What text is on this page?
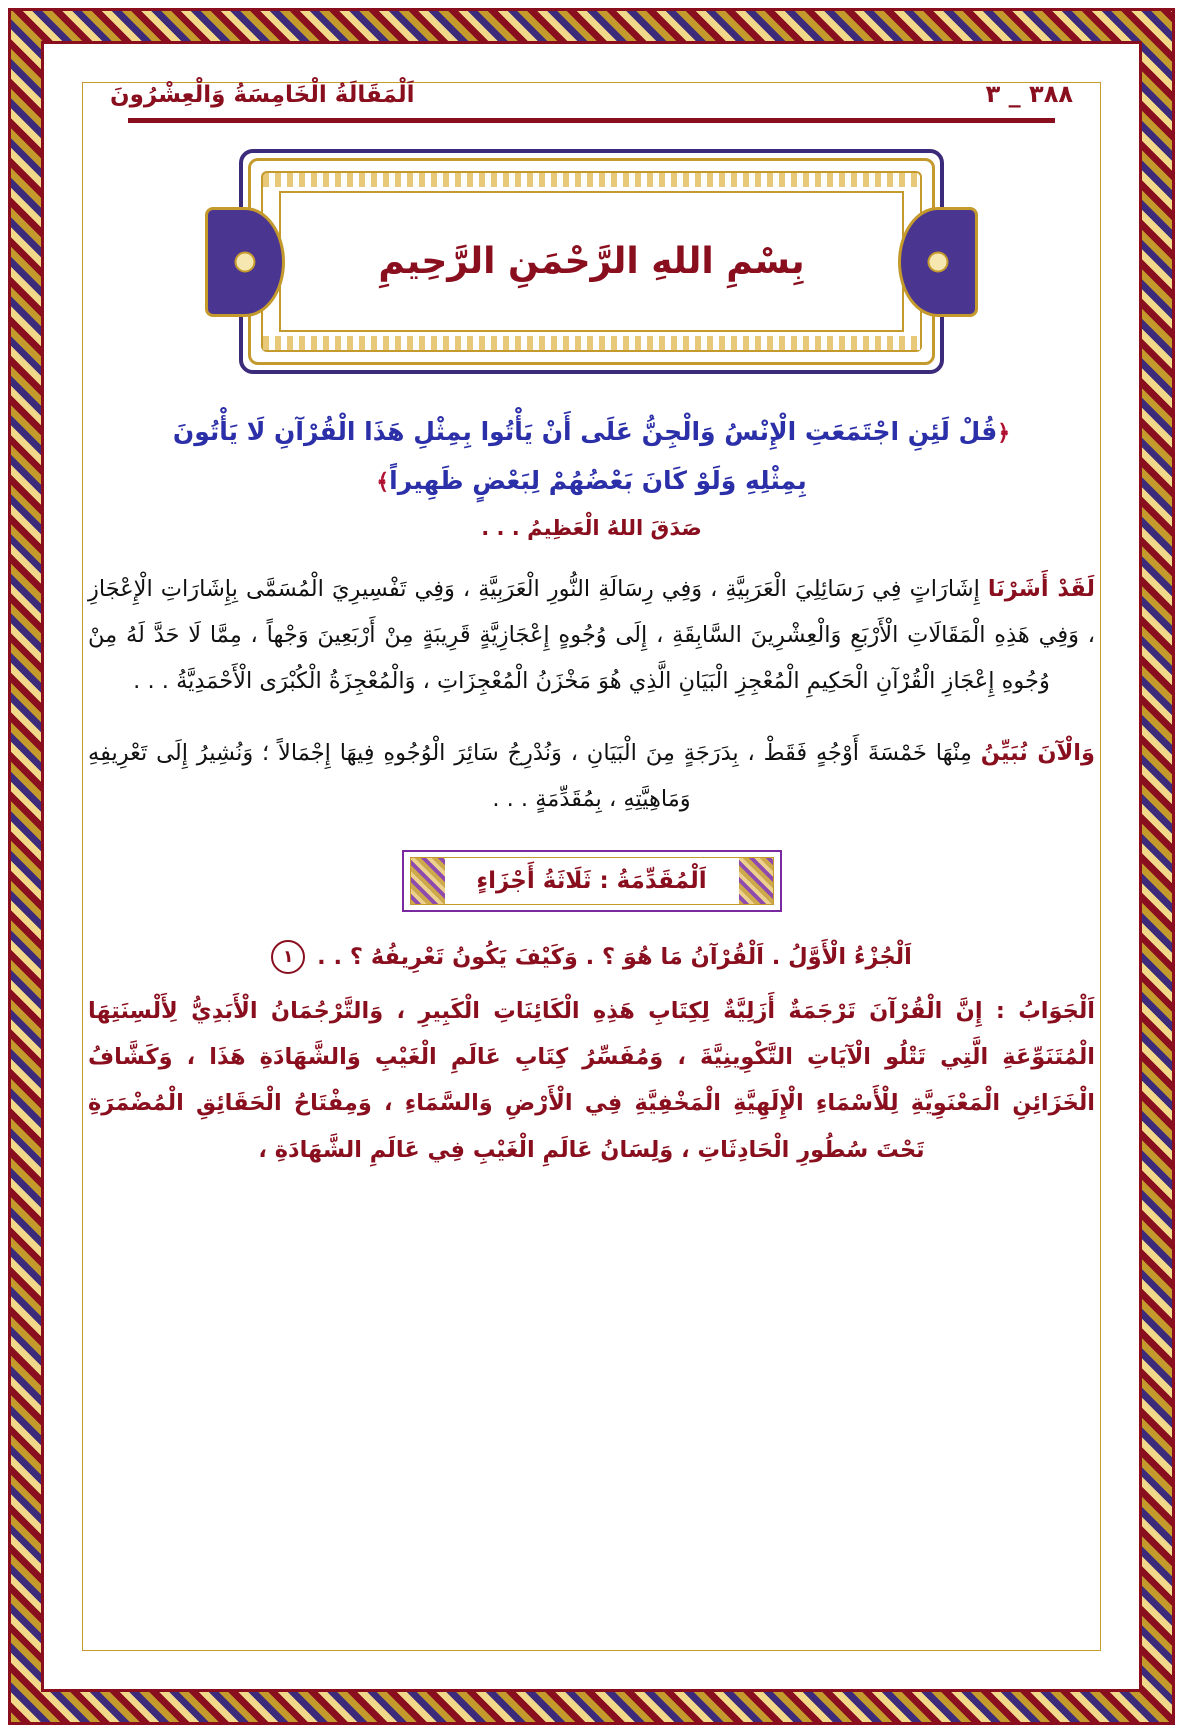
اَلْمَقَالَةُ الْخَامِسَةُ وَالْعِشْرُونَ	٣٨٨ _ ٣
بِسْمِ اللهِ الرَّحْمَنِ الرَّحِيمِ
﴿قُلْ لَئِنِ اجْتَمَعَتِ الْإِنْسُ وَالْجِنُّ عَلَى أَنْ يَأْتُوا بِمِثْلِ هَذَا الْقُرْآنِ لَا يَأْتُونَ
بِمِثْلِهِ وَلَوْ كَانَ بَعْضُهُمْ لِبَعْضٍ ظَهِيراً﴾
صَدَقَ اللهُ الْعَظِيمُ . . .

لَقَدْ أَشَرْنَا إِشَارَاتٍ فِي رَسَائِلِيَ الْعَرَبِيَّةِ ، وَفِي رِسَالَةِ النُّورِ الْعَرَبِيَّةِ ، وَفِي تَفْسِيرِيَ الْمُسَمَّى بِإِشَارَاتِ الْإِعْجَازِ ، وَفِي هَذِهِ الْمَقَالَاتِ الْأَرْبَعِ وَالْعِشْرِينَ السَّابِقَةِ ، إِلَى وُجُوهٍ إِعْجَازِيَّةٍ قَرِيبَةٍ مِنْ أَرْبَعِينَ وَجْهاً ، مِمَّا لَا حَدَّ لَهُ مِنْ وُجُوهِ إِعْجَازِ الْقُرْآنِ الْحَكِيمِ الْمُعْجِزِ الْبَيَانِ الَّذِي هُوَ مَخْزَنُ الْمُعْجِزَاتِ ، وَالْمُعْجِزَةُ الْكُبْرَى الْأَحْمَدِيَّةُ . . .

وَالْآنَ نُبَيِّنُ مِنْهَا خَمْسَةَ أَوْجُهٍ فَقَطْ ، بِدَرَجَةٍ مِنَ الْبَيَانِ ، وَنُدْرِجُ سَائِرَ الْوُجُوهِ فِيهَا إِجْمَالاً ؛ وَنُشِيرُ إِلَى تَعْرِيفِهِ وَمَاهِيَّتِهِ ، بِمُقَدِّمَةٍ . . .

اَلْمُقَدِّمَةُ : ثَلَاثَةُ أَجْزَاءٍ
١	اَلْجُزْءُ الْأَوَّلُ . اَلْقُرْآنُ مَا هُوَ ؟ . وَكَيْفَ يَكُونُ تَعْرِيفُهُ ؟ . .

اَلْجَوَابُ : إِنَّ الْقُرْآنَ تَرْجَمَةٌ أَزَلِيَّةٌ لِكِتَابِ هَذِهِ الْكَائِنَاتِ الْكَبِيرِ ، وَالتَّرْجُمَانُ الْأَبَدِيُّ لِأَلْسِنَتِهَا الْمُتَنَوِّعَةِ الَّتِي تَتْلُو الْآيَاتِ التَّكْوِينِيَّةَ ، وَمُفَسِّرُ كِتَابِ عَالَمِ الْغَيْبِ وَالشَّهَادَةِ هَذَا ، وَكَشَّافُ الْخَزَائِنِ الْمَعْنَوِيَّةِ لِلْأَسْمَاءِ الْإِلَهِيَّةِ الْمَخْفِيَّةِ فِي الْأَرْضِ وَالسَّمَاءِ ، وَمِفْتَاحُ الْحَقَائِقِ الْمُضْمَرَةِ تَحْتَ سُطُورِ الْحَادِثَاتِ ، وَلِسَانُ عَالَمِ الْغَيْبِ فِي عَالَمِ الشَّهَادَةِ ،
